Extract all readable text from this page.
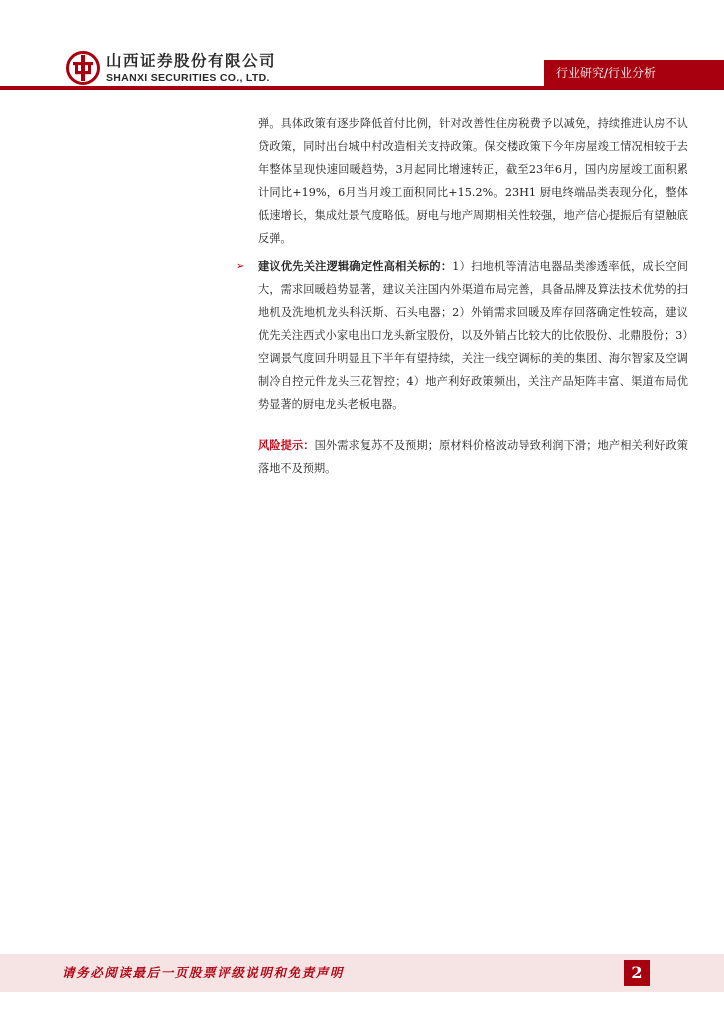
山西证券股份有限公司
SHANXI SECURITIES CO., LTD.	行业研究/行业分析

弹。具体政策有逐步降低首付比例，针对改善性住房税费予以减免，持续推进认房不认贷政策，同时出台城中村改造相关支持政策。保交楼政策下今年房屋竣工情况相较于去年整体呈现快速回暖趋势，3月起同比增速转正，截至23年6月，国内房屋竣工面积累计同比+19%，6月当月竣工面积同比+15.2%。23H1 厨电终端品类表现分化，整体低速增长，集成灶景气度略低。厨电与地产周期相关性较强，地产信心提振后有望触底反弹。

➢ 建议优先关注逻辑确定性高相关标的：1）扫地机等清洁电器品类渗透率低，成长空间大，需求回暖趋势显著，建议关注国内外渠道布局完善，具备品牌及算法技术优势的扫地机及洗地机龙头科沃斯、石头电器；2）外销需求回暖及库存回落确定性较高，建议优先关注西式小家电出口龙头新宝股份，以及外销占比较大的比依股份、北鼎股份；3）空调景气度回升明显且下半年有望持续，关注一线空调标的美的集团、海尔智家及空调制冷自控元件龙头三花智控；4）地产利好政策频出，关注产品矩阵丰富、渠道布局优势显著的厨电龙头老板电器。

风险提示：国外需求复苏不及预期；原材料价格波动导致利润下滑；地产相关利好政策落地不及预期。

请务必阅读最后一页股票评级说明和免责声明	2
